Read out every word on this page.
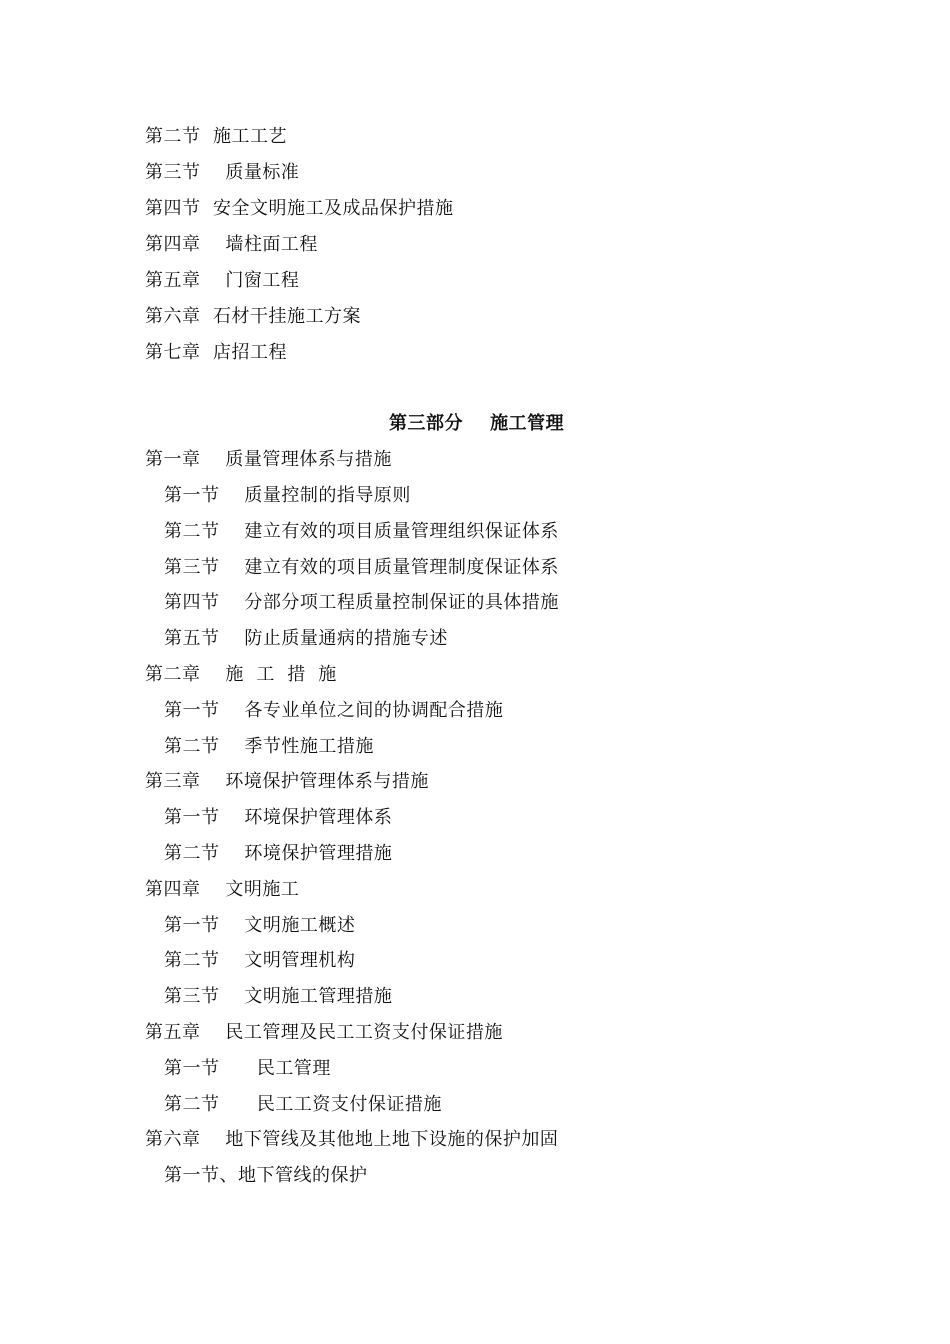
第二节  施工工艺
第三节    质量标准
第四节  安全文明施工及成品保护措施
第四章    墙柱面工程
第五章    门窗工程
第六章  石材干挂施工方案
第七章  店招工程
第三部分    施工管理
第一章    质量管理体系与措施
第一节    质量控制的指导原则
第二节    建立有效的项目质量管理组织保证体系
第三节    建立有效的项目质量管理制度保证体系
第四节    分部分项工程质量控制保证的具体措施
第五节    防止质量通病的措施专述
第二章    施  工  措  施
第一节    各专业单位之间的协调配合措施
第二节    季节性施工措施
第三章    环境保护管理体系与措施
第一节    环境保护管理体系
第二节    环境保护管理措施
第四章    文明施工
第一节    文明施工概述
第二节    文明管理机构
第三节    文明施工管理措施
第五章    民工管理及民工工资支付保证措施
第一节      民工管理
第二节      民工工资支付保证措施
第六章    地下管线及其他地上地下设施的保护加固
第一节、地下管线的保护
